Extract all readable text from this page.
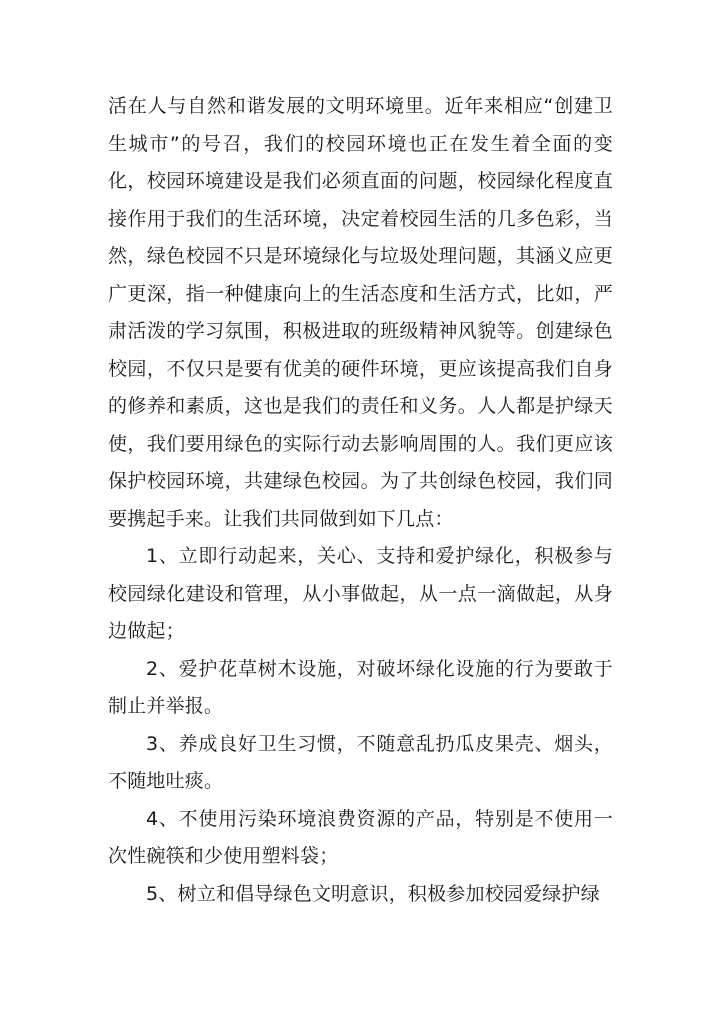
活在人与自然和谐发展的文明环境里。近年来相应“创建卫生城市”的号召，我们的校园环境也正在发生着全面的变化，校园环境建设是我们必须直面的问题，校园绿化程度直接作用于我们的生活环境，决定着校园生活的几多色彩，当然，绿色校园不只是环境绿化与垃圾处理问题，其涵义应更广更深，指一种健康向上的生活态度和生活方式，比如，严肃活泼的学习氛围，积极进取的班级精神风貌等。创建绿色校园，不仅只是要有优美的硬件环境，更应该提高我们自身的修养和素质，这也是我们的责任和义务。人人都是护绿天使，我们要用绿色的实际行动去影响周围的人。我们更应该保护校园环境，共建绿色校园。为了共创绿色校园，我们同要携起手来。让我们共同做到如下几点：

1、立即行动起来，关心、支持和爱护绿化，积极参与校园绿化建设和管理，从小事做起，从一点一滴做起，从身边做起；

2、爱护花草树木设施，对破坏绿化设施的行为要敢于制止并举报。

3、养成良好卫生习惯，不随意乱扔瓜皮果壳、烟头，不随地吐痰。

4、不使用污染环境浪费资源的产品，特别是不使用一次性碗筷和少使用塑料袋；

5、树立和倡导绿色文明意识，积极参加校园爱绿护绿
